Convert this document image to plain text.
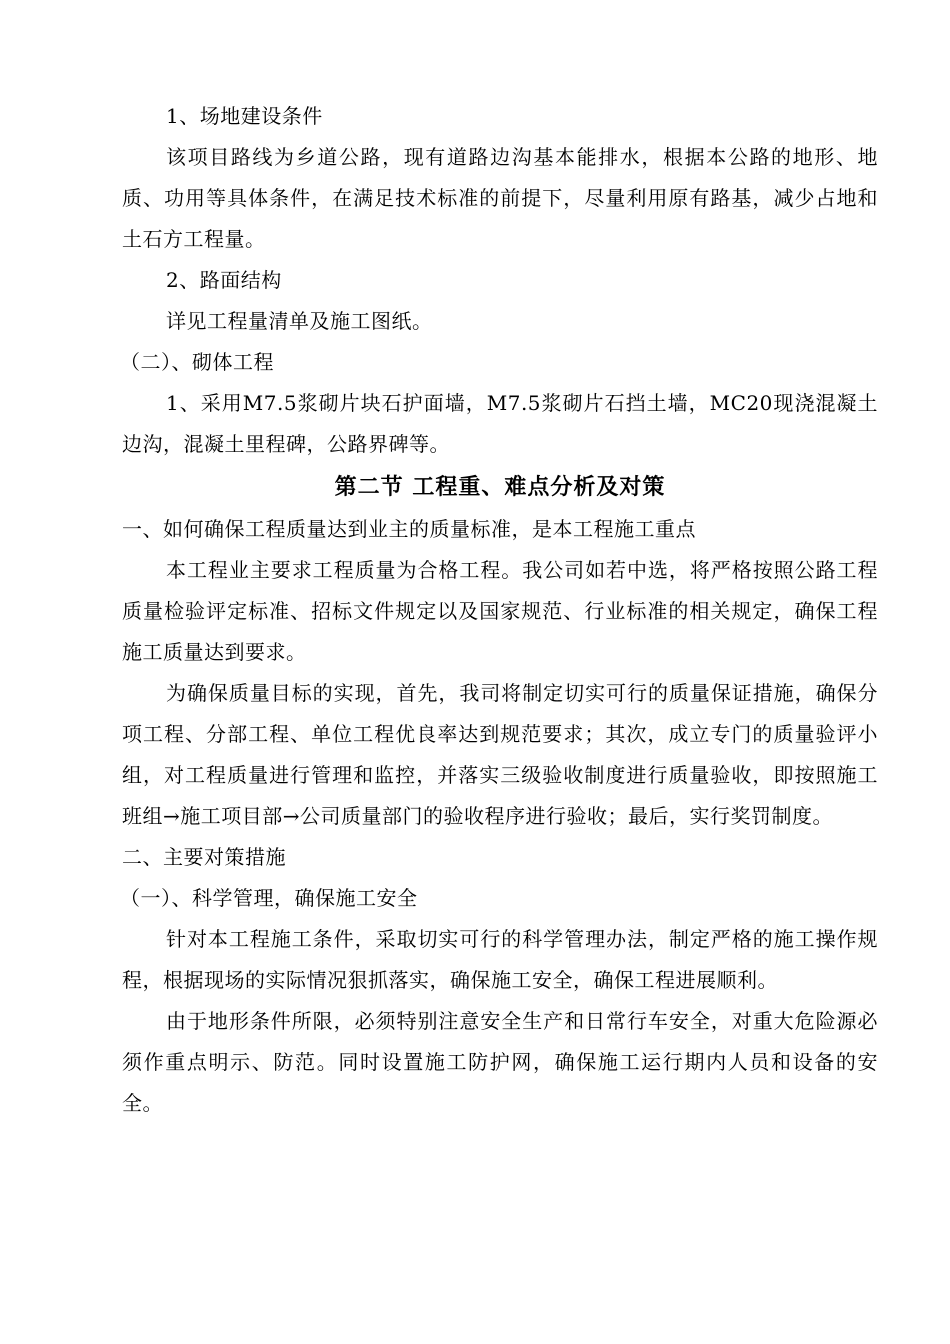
1、场地建设条件

该项目路线为乡道公路，现有道路边沟基本能排水，根据本公路的地形、地质、功用等具体条件，在满足技术标准的前提下，尽量利用原有路基，减少占地和土石方工程量。

2、路面结构

详见工程量清单及施工图纸。

（二）、砌体工程

1、采用M7.5浆砌片块石护面墙，M7.5浆砌片石挡土墙，MC20现浇混凝土边沟，混凝土里程碑，公路界碑等。

第二节 工程重、难点分析及对策

一、如何确保工程质量达到业主的质量标准，是本工程施工重点

本工程业主要求工程质量为合格工程。我公司如若中选，将严格按照公路工程质量检验评定标准、招标文件规定以及国家规范、行业标准的相关规定，确保工程施工质量达到要求。

为确保质量目标的实现，首先，我司将制定切实可行的质量保证措施，确保分项工程、分部工程、单位工程优良率达到规范要求；其次，成立专门的质量验评小组，对工程质量进行管理和监控，并落实三级验收制度进行质量验收，即按照施工班组→施工项目部→公司质量部门的验收程序进行验收；最后，实行奖罚制度。

二、主要对策措施

（一）、科学管理，确保施工安全

针对本工程施工条件，采取切实可行的科学管理办法，制定严格的施工操作规程，根据现场的实际情况狠抓落实，确保施工安全，确保工程进展顺利。

由于地形条件所限，必须特别注意安全生产和日常行车安全，对重大危险源必须作重点明示、防范。同时设置施工防护网，确保施工运行期内人员和设备的安全。
